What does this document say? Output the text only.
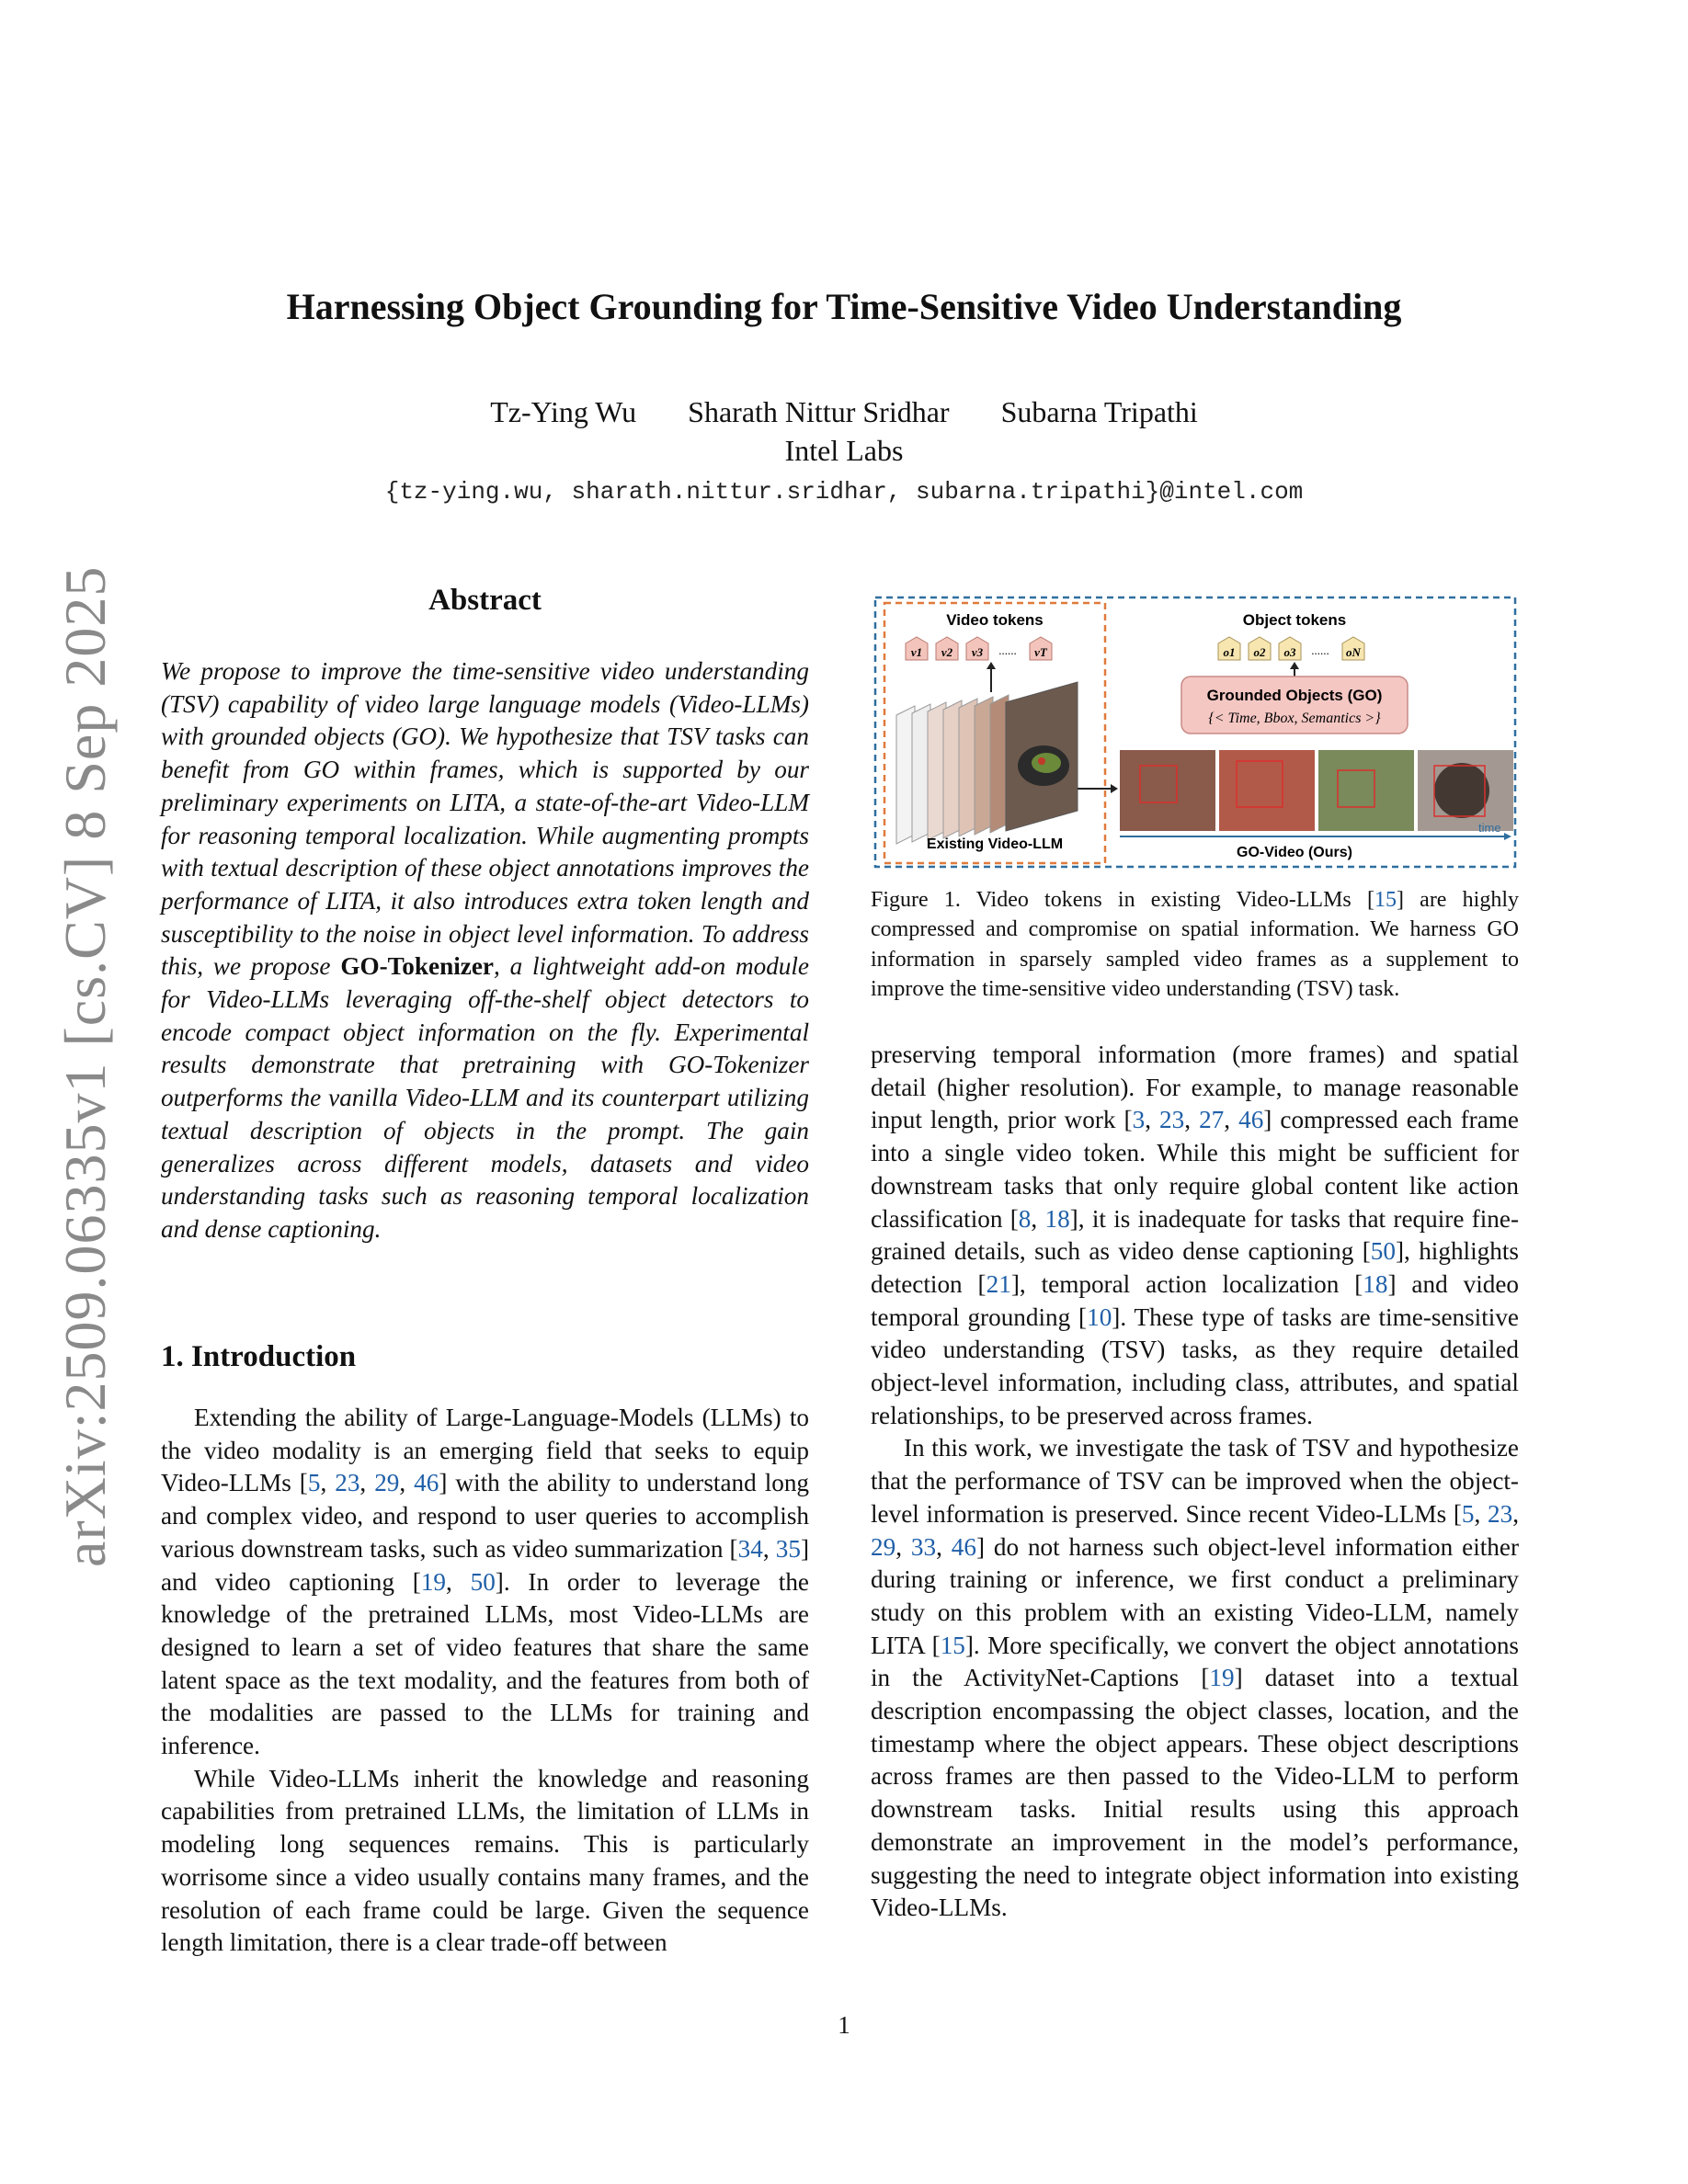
arXiv:2509.06335v1 [cs.CV] 8 Sep 2025
Harnessing Object Grounding for Time-Sensitive Video Understanding
Tz-Ying Wu Sharath Nittur Sridhar Subarna Tripathi
Intel Labs
{tz-ying.wu, sharath.nittur.sridhar, subarna.tripathi}@intel.com
Abstract

We propose to improve the time-sensitive video understanding (TSV) capability of video large language models (Video-LLMs) with grounded objects (GO). We hypothesize that TSV tasks can benefit from GO within frames, which is supported by our preliminary experiments on LITA, a state-of-the-art Video-LLM for reasoning temporal localization. While augmenting prompts with textual description of these object annotations improves the performance of LITA, it also introduces extra token length and susceptibility to the noise in object level information. To address this, we propose GO-Tokenizer, a lightweight add-on module for Video-LLMs leveraging off-the-shelf object detectors to encode compact object information on the fly. Experimental results demonstrate that pretraining with GO-Tokenizer outperforms the vanilla Video-LLM and its counterpart utilizing textual description of objects in the prompt. The gain generalizes across different models, datasets and video understanding tasks such as reasoning temporal localization and dense captioning.

1. Introduction

Extending the ability of Large-Language-Models (LLMs) to the video modality is an emerging field that seeks to equip Video-LLMs [5, 23, 29, 46] with the ability to understand long and complex video, and respond to user queries to accomplish various downstream tasks, such as video summarization [34, 35] and video captioning [19, 50]. In order to leverage the knowledge of the pretrained LLMs, most Video-LLMs are designed to learn a set of video features that share the same latent space as the text modality, and the features from both of the modalities are passed to the LLMs for training and inference.

While Video-LLMs inherit the knowledge and reasoning capabilities from pretrained LLMs, the limitation of LLMs in modeling long sequences remains. This is particularly worrisome since a video usually contains many frames, and the resolution of each frame could be large. Given the sequence length limitation, there is a clear trade-off between

Video tokens	Object tokens
v1 v2 v3 ...... vT
Existing Video-LLM
o1 o2 o3 ...... oN
Grounded Objects (GO)
{< Time, Bbox, Semantics >}
time
GO-Video (Ours)
Figure 1. Video tokens in existing Video-LLMs [15] are highly compressed and compromise on spatial information. We harness GO information in sparsely sampled video frames as a supplement to improve the time-sensitive video understanding (TSV) task.

preserving temporal information (more frames) and spatial detail (higher resolution). For example, to manage reasonable input length, prior work [3, 23, 27, 46] compressed each frame into a single video token. While this might be sufficient for downstream tasks that only require global content like action classification [8, 18], it is inadequate for tasks that require fine-grained details, such as video dense captioning [50], highlights detection [21], temporal action localization [18] and video temporal grounding [10]. These type of tasks are time-sensitive video understanding (TSV) tasks, as they require detailed object-level information, including class, attributes, and spatial relationships, to be preserved across frames.

In this work, we investigate the task of TSV and hypothesize that the performance of TSV can be improved when the object-level information is preserved. Since recent Video-LLMs [5, 23, 29, 33, 46] do not harness such object-level information either during training or inference, we first conduct a preliminary study on this problem with an existing Video-LLM, namely LITA [15]. More specifically, we convert the object annotations in the ActivityNet-Captions [19] dataset into a textual description encompassing the object classes, location, and the timestamp where the object appears. These object descriptions across frames are then passed to the Video-LLM to perform downstream tasks. Initial results using this approach demonstrate an improvement in the model’s performance, suggesting the need to integrate object information into existing Video-LLMs.

1
